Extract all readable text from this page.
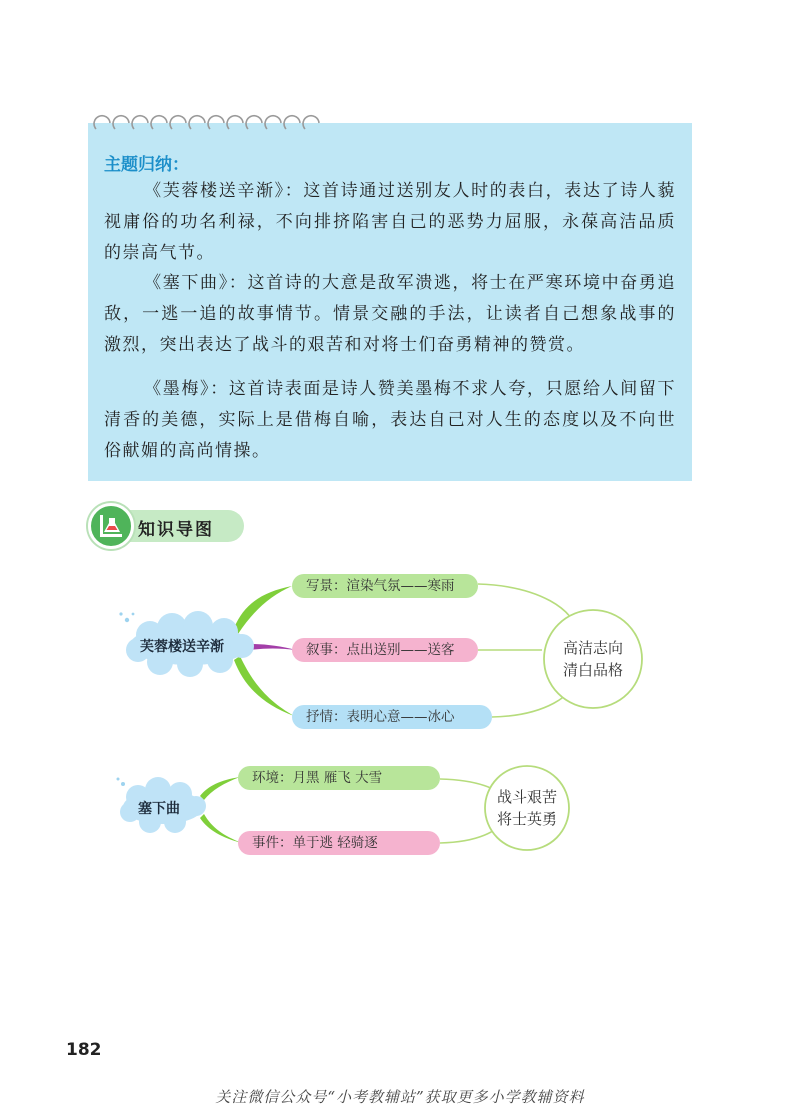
主题归纳：
《芙蓉楼送辛渐》：这首诗通过送别友人时的表白，表达了诗人藐视庸俗的功名利禄，不向排挤陷害自己的恶势力屈服，永葆高洁品质的崇高气节。
《塞下曲》：这首诗的大意是敌军溃逃，将士在严寒环境中奋勇追敌，一逃一追的故事情节。情景交融的手法，让读者自己想象战事的激烈，突出表达了战斗的艰苦和对将士们奋勇精神的赞赏。
《墨梅》：这首诗表面是诗人赞美墨梅不求人夸，只愿给人间留下清香的美德，实际上是借梅自喻，表达自己对人生的态度以及不向世俗献媚的高尚情操。
知识导图
芙蓉楼送辛渐
写景：渲染气氛——寒雨
叙事：点出送别——送客
抒情：表明心意——冰心
高洁志向
清白品格
塞下曲
环境：月黑 雁飞 大雪
事件：单于逃 轻骑逐
战斗艰苦
将士英勇
182
关注微信公众号“小考教辅站”获取更多小学教辅资料
